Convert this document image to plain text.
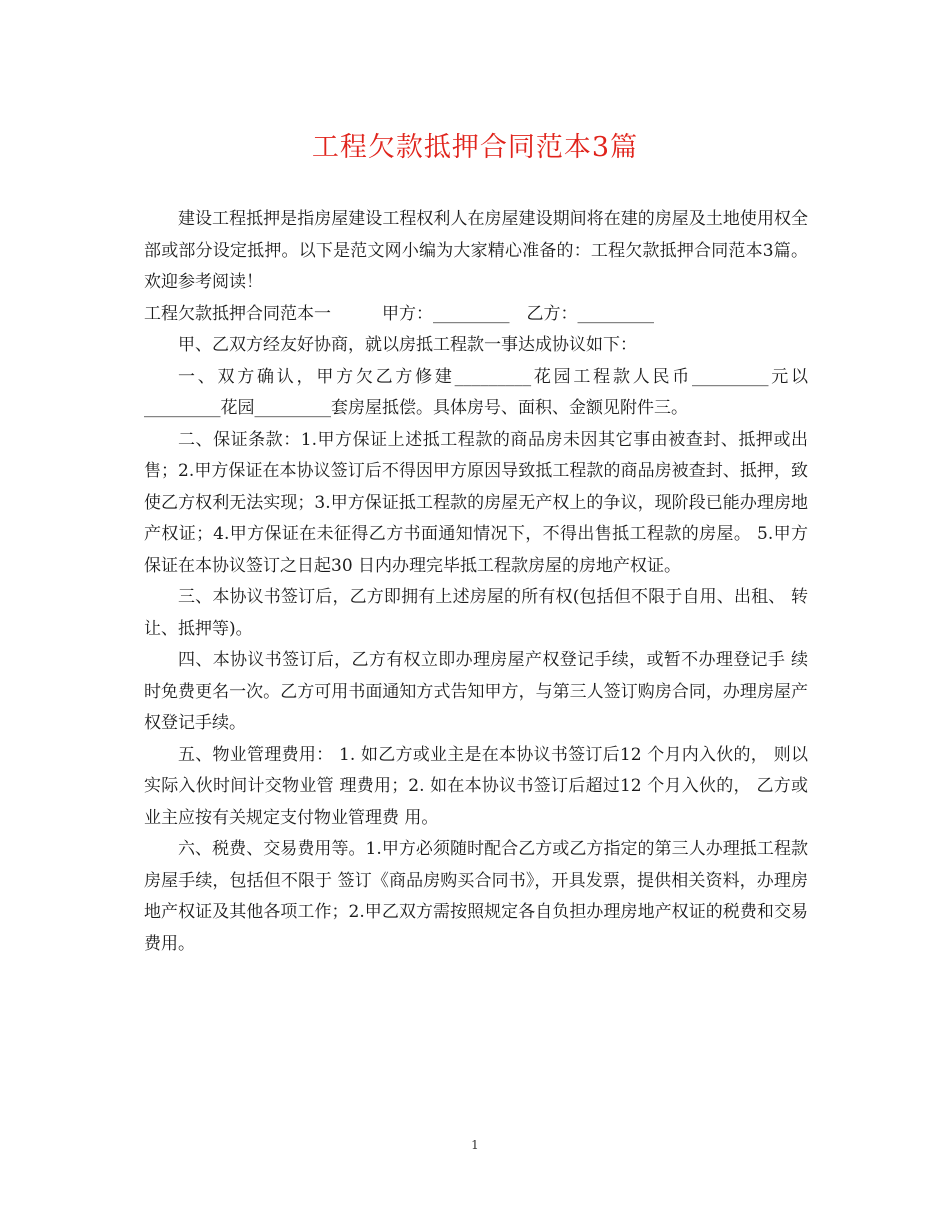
工程欠款抵押合同范本3篇

建设工程抵押是指房屋建设工程权利人在房屋建设期间将在建的房屋及土地使用权全部或部分设定抵押。以下是范文网小编为大家精心准备的：工程欠款抵押合同范本3篇。欢迎参考阅读！

工程欠款抵押合同范本一　　　甲方：_________　乙方：_________

甲、乙双方经友好协商，就以房抵工程款一事达成协议如下：

一、双方确认，甲方欠乙方修建_________花园工程款人民币_________元以_________花园_________套房屋抵偿。具体房号、面积、金额见附件三。

二、保证条款：1.甲方保证上述抵工程款的商品房未因其它事由被查封、抵押或出售；2.甲方保证在本协议签订后不得因甲方原因导致抵工程款的商品房被查封、抵押，致 使乙方权利无法实现；3.甲方保证抵工程款的房屋无产权上的争议，现阶段已能办理房地产权证；4.甲方保证在未征得乙方书面通知情况下，不得出售抵工程款的房屋。 5.甲方保证在本协议签订之日起30 日内办理完毕抵工程款房屋的房地产权证。

三、本协议书签订后，乙方即拥有上述房屋的所有权(包括但不限于自用、出租、 转让、抵押等)。

四、本协议书签订后，乙方有权立即办理房屋产权登记手续，或暂不办理登记手 续时免费更名一次。乙方可用书面通知方式告知甲方，与第三人签订购房合同，办理房屋产 权登记手续。

五、物业管理费用： 1. 如乙方或业主是在本协议书签订后12 个月内入伙的， 则以实际入伙时间计交物业管 理费用；2. 如在本协议书签订后超过12 个月入伙的， 乙方或业主应按有关规定支付物业管理费 用。

六、税费、交易费用等。1.甲方必须随时配合乙方或乙方指定的第三人办理抵工程款房屋手续，包括但不限于 签订《商品房购买合同书》，开具发票，提供相关资料，办理房地产权证及其他各项工作；2.甲乙双方需按照规定各自负担办理房地产权证的税费和交易费用。

1
